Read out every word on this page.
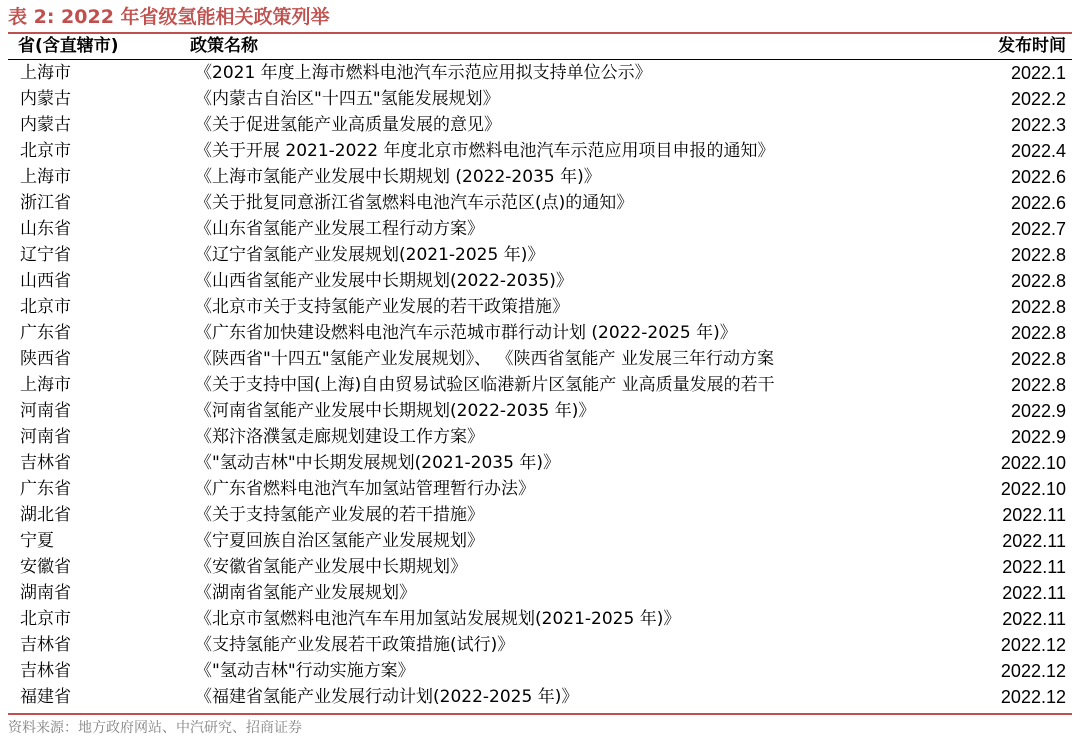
表 2: 2022 年省级氢能相关政策列举
省(含直辖市)	政策名称	发布时间
上海市	《2021 年度上海市燃料电池汽车示范应用拟支持单位公示》	2022.1
内蒙古	《内蒙古自治区"十四五"氢能发展规划》	2022.2
内蒙古	《关于促进氢能产业高质量发展的意见》	2022.3
北京市	《关于开展 2021-2022 年度北京市燃料电池汽车示范应用项目申报的通知》	2022.4
上海市	《上海市氢能产业发展中长期规划 (2022-2035 年)》	2022.6
浙江省	《关于批复同意浙江省氢燃料电池汽车示范区(点)的通知》	2022.6
山东省	《山东省氢能产业发展工程行动方案》	2022.7
辽宁省	《辽宁省氢能产业发展规划(2021-2025 年)》	2022.8
山西省	《山西省氢能产业发展中长期规划(2022-2035)》	2022.8
北京市	《北京市关于支持氢能产业发展的若干政策措施》	2022.8
广东省	《广东省加快建设燃料电池汽车示范城市群行动计划 (2022-2025 年)》	2022.8
陕西省	《陕西省"十四五"氢能产业发展规划》、 《陕西省氢能产 业发展三年行动方案	2022.8
上海市	《关于支持中国(上海)自由贸易试验区临港新片区氢能产 业高质量发展的若干	2022.8
河南省	《河南省氢能产业发展中长期规划(2022-2035 年)》	2022.9
河南省	《郑汴洛濮氢走廊规划建设工作方案》	2022.9
吉林省	《"氢动吉林"中长期发展规划(2021-2035 年)》	2022.10
广东省	《广东省燃料电池汽车加氢站管理暂行办法》	2022.10
湖北省	《关于支持氢能产业发展的若干措施》	2022.11
宁夏	《宁夏回族自治区氢能产业发展规划》	2022.11
安徽省	《安徽省氢能产业发展中长期规划》	2022.11
湖南省	《湖南省氢能产业发展规划》	2022.11
北京市	《北京市氢燃料电池汽车车用加氢站发展规划(2021-2025 年)》	2022.11
吉林省	《支持氢能产业发展若干政策措施(试行)》	2022.12
吉林省	《"氢动吉林"行动实施方案》	2022.12
福建省	《福建省氢能产业发展行动计划(2022-2025 年)》	2022.12
资料来源：地方政府网站、中汽研究、招商证券
